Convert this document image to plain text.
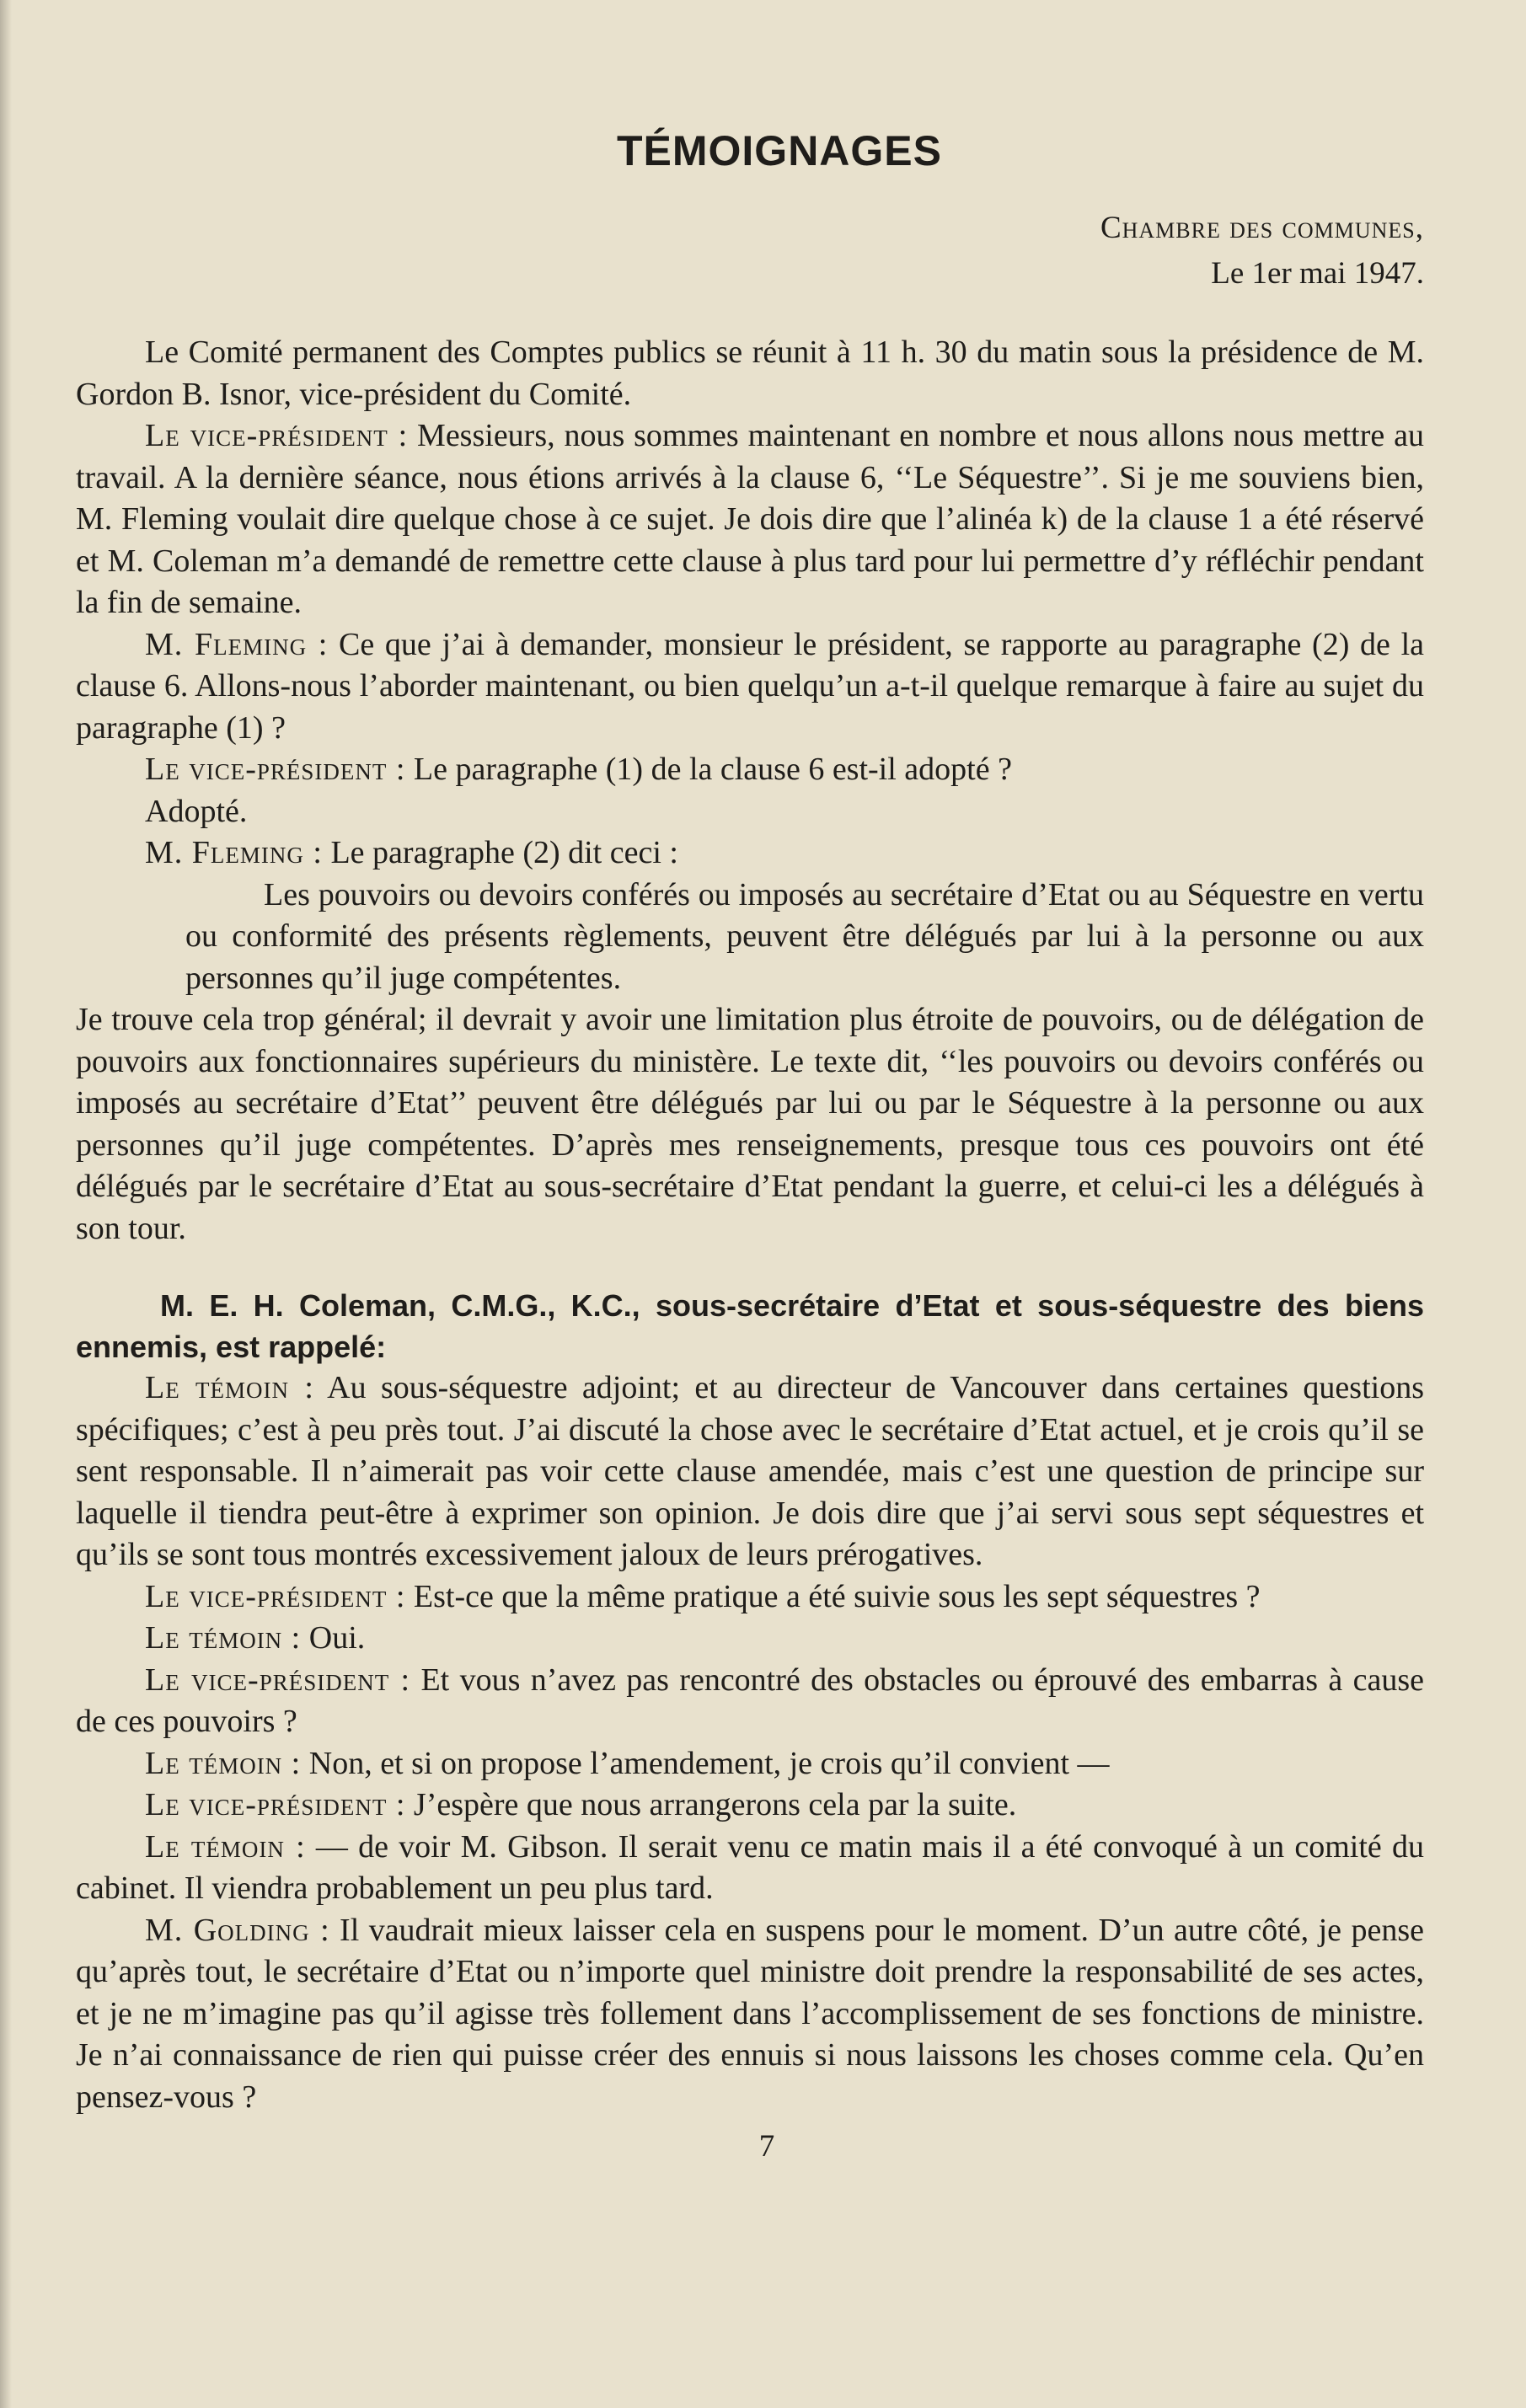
TÉMOIGNAGES
Chambre des communes,
Le 1er mai 1947.

Le Comité permanent des Comptes publics se réunit à 11 h. 30 du matin sous la présidence de M. Gordon B. Isnor, vice-président du Comité.

Le vice-président : Messieurs, nous sommes maintenant en nombre et nous allons nous mettre au travail. A la dernière séance, nous étions arrivés à la clause 6, ‘‘Le Séquestre’’. Si je me souviens bien, M. Fleming voulait dire quelque chose à ce sujet. Je dois dire que l’alinéa k) de la clause 1 a été réservé et M. Coleman m’a demandé de remettre cette clause à plus tard pour lui permettre d’y réfléchir pendant la fin de semaine.

M. Fleming : Ce que j’ai à demander, monsieur le président, se rapporte au paragraphe (2) de la clause 6. Allons-nous l’aborder maintenant, ou bien quelqu’un a-t-il quelque remarque à faire au sujet du paragraphe (1) ?

Le vice-président : Le paragraphe (1) de la clause 6 est-il adopté ?

Adopté.

M. Fleming : Le paragraphe (2) dit ceci :

Les pouvoirs ou devoirs conférés ou imposés au secrétaire d’Etat ou au Séquestre en vertu ou conformité des présents règlements, peuvent être délégués par lui à la personne ou aux personnes qu’il juge compétentes.

Je trouve cela trop général; il devrait y avoir une limitation plus étroite de pouvoirs, ou de délégation de pouvoirs aux fonctionnaires supérieurs du ministère. Le texte dit, ‘‘les pouvoirs ou devoirs conférés ou imposés au secrétaire d’Etat’’ peuvent être délégués par lui ou par le Séquestre à la personne ou aux personnes qu’il juge compétentes. D’après mes renseignements, presque tous ces pouvoirs ont été délégués par le secrétaire d’Etat au sous-secrétaire d’Etat pendant la guerre, et celui-ci les a délégués à son tour.

M. E. H. Coleman, C.M.G., K.C., sous-secrétaire d’Etat et sous-séquestre des biens ennemis, est rappelé:

Le témoin : Au sous-séquestre adjoint; et au directeur de Vancouver dans certaines questions spécifiques; c’est à peu près tout. J’ai discuté la chose avec le secrétaire d’Etat actuel, et je crois qu’il se sent responsable. Il n’aimerait pas voir cette clause amendée, mais c’est une question de principe sur laquelle il tiendra peut-être à exprimer son opinion. Je dois dire que j’ai servi sous sept séquestres et qu’ils se sont tous montrés excessivement jaloux de leurs prérogatives.

Le vice-président : Est-ce que la même pratique a été suivie sous les sept séquestres ?

Le témoin : Oui.

Le vice-président : Et vous n’avez pas rencontré des obstacles ou éprouvé des embarras à cause de ces pouvoirs ?

Le témoin : Non, et si on propose l’amendement, je crois qu’il convient —

Le vice-président : J’espère que nous arrangerons cela par la suite.

Le témoin : — de voir M. Gibson. Il serait venu ce matin mais il a été convoqué à un comité du cabinet. Il viendra probablement un peu plus tard.

M. Golding : Il vaudrait mieux laisser cela en suspens pour le moment. D’un autre côté, je pense qu’après tout, le secrétaire d’Etat ou n’importe quel ministre doit prendre la responsabilité de ses actes, et je ne m’imagine pas qu’il agisse très follement dans l’accomplissement de ses fonctions de ministre. Je n’ai connaissance de rien qui puisse créer des ennuis si nous laissons les choses comme cela. Qu’en pensez-vous ?

7
